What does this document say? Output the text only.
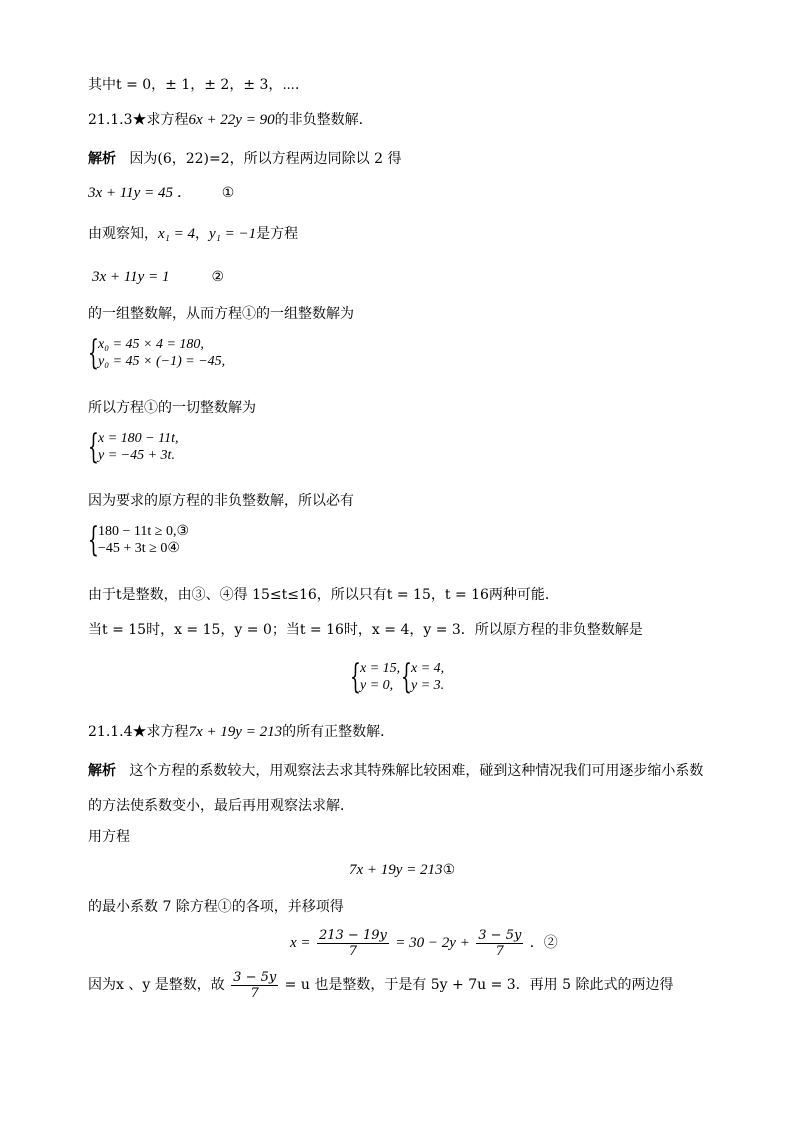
其中t = 0，± 1，± 2，± 3，⋯．
21.1.3★求方程6x + 22y = 90的非负整数解．
解析 因为(6，22)=2，所以方程两边同除以 2 得
3x + 11y = 45 ． ①
由观察知，x₁ = 4，y₁ = −1是方程
3x + 11y = 1	②
的一组整数解，从而方程①的一组整数解为
{ x₀ = 45 × 4 = 180,
y₀ = 45 × (−1) = −45,
所以方程①的一切整数解为
{ x = 180 − 11t,
y = −45 + 3t.
因为要求的原方程的非负整数解，所以必有
{ 180 − 11t ≥ 0,③
−45 + 3t ≥ 0④
由于t是整数，由③、④得 15≤t≤16，所以只有t = 15，t = 16两种可能．
当t = 15时，x = 15，y = 0；当t = 16时，x = 4，y = 3．所以原方程的非负整数解是
{ x = 15,
y = 0, { x = 4,
y = 3.
21.1.4★求方程7x + 19y = 213的所有正整数解．
解析 这个方程的系数较大，用观察法去求其特殊解比较困难，碰到这种情况我们可用逐步缩小系数
的方法使系数变小，最后再用观察法求解．
用方程
7x + 19y = 213①
的最小系数 7 除方程①的各项，并移项得
$x = \frac{213 - 19y}{7} = 30 - 2y + \frac{3 - 5y}{7}$ ．②
因为x 、y 是整数，故 $\frac{3 - 5y}{7} = u$ 也是整数，于是有 5y + 7u = 3．再用 5 除此式的两边得
